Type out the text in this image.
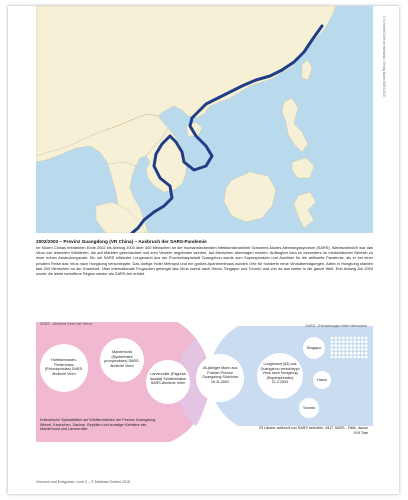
© Schroedel Diercke Weltatlas / Verlag Daten ESRI 2018
2002/2003 – Provinz Guangdong (VR China) – Ausbruch der SARS-Pandemie
Im Süden Chinas erkrankten Ende 2002 bis Anfang 2003 über 300 Menschen an der hochansteckenden Infektionskrankheit Schweres Akutes Atemwegssyndrom (SARS). Wahrscheinlich war das Virus von lebenden Wildtieren, die auf Märkten geschlachtet und zum Verzehr angeboten wurden, auf Menschen übertragen worden. Anfänglich kam es besonders im medizinischen Bereich zu einer hohen Ansteckungsrate. Ein mit SARS infizierter Lungenarzt aus der Provinzhauptstadt Guangzhou wurde zum Superspreader und Auslöser für die weltweite Pandemie, als er bei einer privaten Reise das Virus nach Hongkong verschleppte. Das dortige Hotel Metropol und ein großes Apartmenthaus wurden Orte für hunderte neue Virusübertragungen. Allein in Hongkong starben fast 300 Menschen an der Krankheit. Über internationale Flugrouten gelangte das Virus zuerst nach Hanoi, Singapur und Toronto und von da aus weiter in die ganze Welt. Erst Anfang Juli 2003 wurde die letzte betroffene Region wieder als SARS-frei erklärt.
SARS - ähnliche Viren bei Tieren	SARS - Erkrankungen beim Menschen
Hufeisennasen-Fledermaus (Rhinolophidae) SARS-ähnliche Viren
Marderhund (Nyctereutes procyonoides) SARS-ähnliche Viren
Larvenroller (Paguma larvata) Schleichkatze SARS-ähnliche Viren
45-jähriger Mann aus Foshan Provinz Guangdong Südchina 16.11.2002
Lungenarzt (63) aus Guangzhou verschleppt Virus nach Hongkong (Superspreader) 21.2.2003
Singapur
Hanoi
Toronto
Kulinarische Spezialitäten auf Wildtiermärkten der Provinz Guangdong: Wiesel, Kaninchen, Dachse, Reptilien und sonstige Kleintiere wie Marderhund und Larvenroller	29 Länder weltweit von SARS betroffen, 8427 SARS - Fälle, davon 919 Tote
Grenzen und Ereignisse, Linie 3 – © Matthias Goebel 2018
